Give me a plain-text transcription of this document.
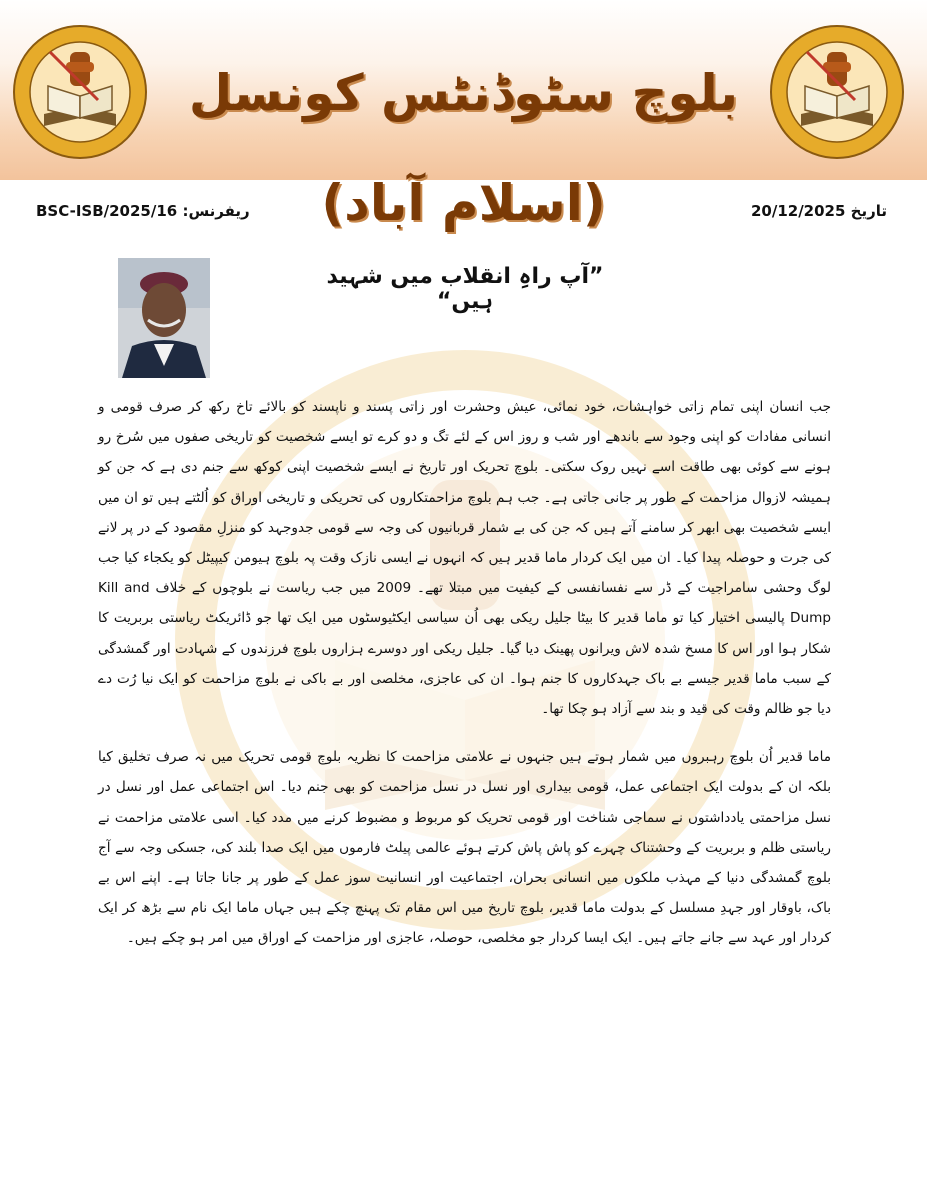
بلوچ سٹوڈنٹس کونسل (اسلام آباد)	تاریخ 20/12/2025
ریفرنس: BSC-ISB/2025/16
”آپ راہِ انقلاب میں شہید ہیں“

جب انسان اپنی تمام زاتی خواہشات، خود نمائی، عیش وحشرت اور زاتی پسند و ناپسند کو بالائے تاخ رکھ کر صرف قومی و انسانی مفادات کو اپنی وجود سے باندھے اور شب و روز اس کے لئے تگ و دو کرے تو ایسے شخصیت کو تاریخی صفوں میں سُرخ رو ہونے سے کوئی بھی طاقت اسے نہیں روک سکتی۔ بلوچ تحریک اور تاریخ نے ایسے شخصیت اپنی کوکھ سے جنم دی ہے کہ جن کو ہمیشہ لازوال مزاحمت کے طور پر جانی جاتی ہے۔ جب ہم بلوچ مزاحمتکاروں کی تحریکی و تاریخی اوراق کو اُلٹتے ہیں تو ان میں ایسے شخصیت بھی ابھر کر سامنے آتے ہیں کہ جن کی بے شمار قربانیوں کی وجہ سے قومی جدوجہد کو منزلِ مقصود کے در پر لانے کی جرت و حوصلہ پیدا کیا۔ ان میں ایک کردار ماما قدیر ہیں کہ انہوں نے ایسی نازک وقت پہ بلوچ ہیومن کیپیٹل کو یکجاء کیا جب لوگ وحشی سامراجیت کے ڈر سے نفسانفسی کے کیفیت میں مبتلا تھے۔ 2009 میں جب ریاست نے بلوچوں کے خلاف Kill and Dump پالیسی اختیار کیا تو ماما قدیر کا بیٹا جلیل ریکی بھی اُن سیاسی ایکٹیوسٹوں میں ایک تھا جو ڈائریکٹ ریاستی بربریت کا شکار ہوا اور اس کا مسخ شدہ لاش ویرانوں پھینک دیا گیا۔ جلیل ریکی اور دوسرے ہزاروں بلوچ فرزندوں کے شہادت اور گمشدگی کے سبب ماما قدیر جیسے بے باک جہدکاروں کا جنم ہوا۔ ان کی عاجزی، مخلصی اور بے باکی نے بلوچ مزاحمت کو ایک نیا رُت دے دیا جو ظالم وقت کی قید و بند سے آزاد ہو چکا تھا۔

ماما قدیر اُن بلوچ رہبروں میں شمار ہوتے ہیں جنہوں نے علامتی مزاحمت کا نظریہ بلوچ قومی تحریک میں نہ صرف تخلیق کیا بلکہ ان کے بدولت ایک اجتماعی عمل، قومی بیداری اور نسل در نسل مزاحمت کو بھی جنم دیا۔ اس اجتماعی عمل اور نسل در نسل مزاحمتی یادداشتوں نے سماجی شناخت اور قومی تحریک کو مربوط و مضبوط کرنے میں مدد کیا۔ اسی علامتی مزاحمت نے ریاستی ظلم و بربریت کے وحشتناک چہرے کو پاش پاش کرتے ہوئے عالمی پیلٹ فارموں میں ایک صدا بلند کی، جسکی وجہ سے آج بلوچ گمشدگی دنیا کے مہذب ملکوں میں انسانی بحران، اجتماعیت اور انسانیت سوز عمل کے طور پر جانا جاتا ہے۔ اپنے اس بے باک، باوقار اور جہدِ مسلسل کے بدولت ماما قدیر، بلوچ تاریخ میں اس مقام تک پہنچ چکے ہیں جہاں ماما ایک نام سے بڑھ کر ایک کردار اور عہد سے جانے جاتے ہیں۔ ایک ایسا کردار جو مخلصی، حوصلہ، عاجزی اور مزاحمت کے اوراق میں امر ہو چکے ہیں۔
